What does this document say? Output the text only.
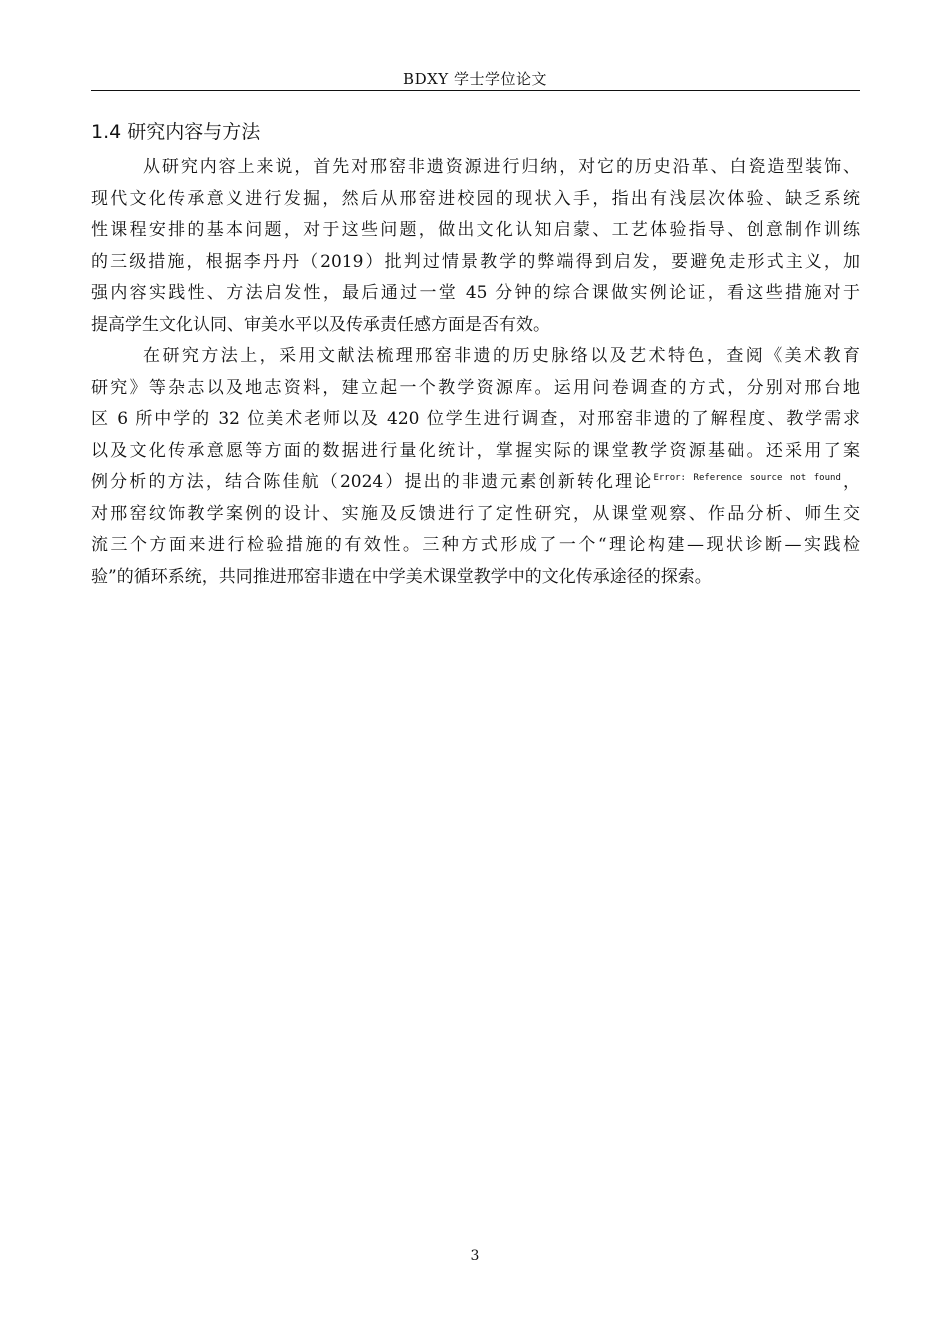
BDXY 学士学位论文
1.4 研究内容与方法
从研究内容上来说，首先对邢窑非遗资源进行归纳，对它的历史沿革、白瓷造型装饰、
现代文化传承意义进行发掘，然后从邢窑进校园的现状入手，指出有浅层次体验、缺乏系统
性课程安排的基本问题，对于这些问题，做出文化认知启蒙、工艺体验指导、创意制作训练
的三级措施，根据李丹丹（2019）批判过情景教学的弊端得到启发，要避免走形式主义，加
强内容实践性、方法启发性，最后通过一堂 45 分钟的综合课做实例论证，看这些措施对于
提高学生文化认同、审美水平以及传承责任感方面是否有效。
在研究方法上，采用文献法梳理邢窑非遗的历史脉络以及艺术特色，查阅《美术教育
研究》等杂志以及地志资料，建立起一个教学资源库。运用问卷调查的方式，分别对邢台地
区 6 所中学的 32 位美术老师以及 420 位学生进行调查，对邢窑非遗的了解程度、教学需求
以及文化传承意愿等方面的数据进行量化统计，掌握实际的课堂教学资源基础。还采用了案
例分析的方法，结合陈佳航（2024）提出的非遗元素创新转化理论$^{Error: Reference source not found}$，
对邢窑纹饰教学案例的设计、实施及反馈进行了定性研究，从课堂观察、作品分析、师生交
流三个方面来进行检验措施的有效性。三种方式形成了一个“理论构建—现状诊断—实践检
验”的循环系统，共同推进邢窑非遗在中学美术课堂教学中的文化传承途径的探索。
3
